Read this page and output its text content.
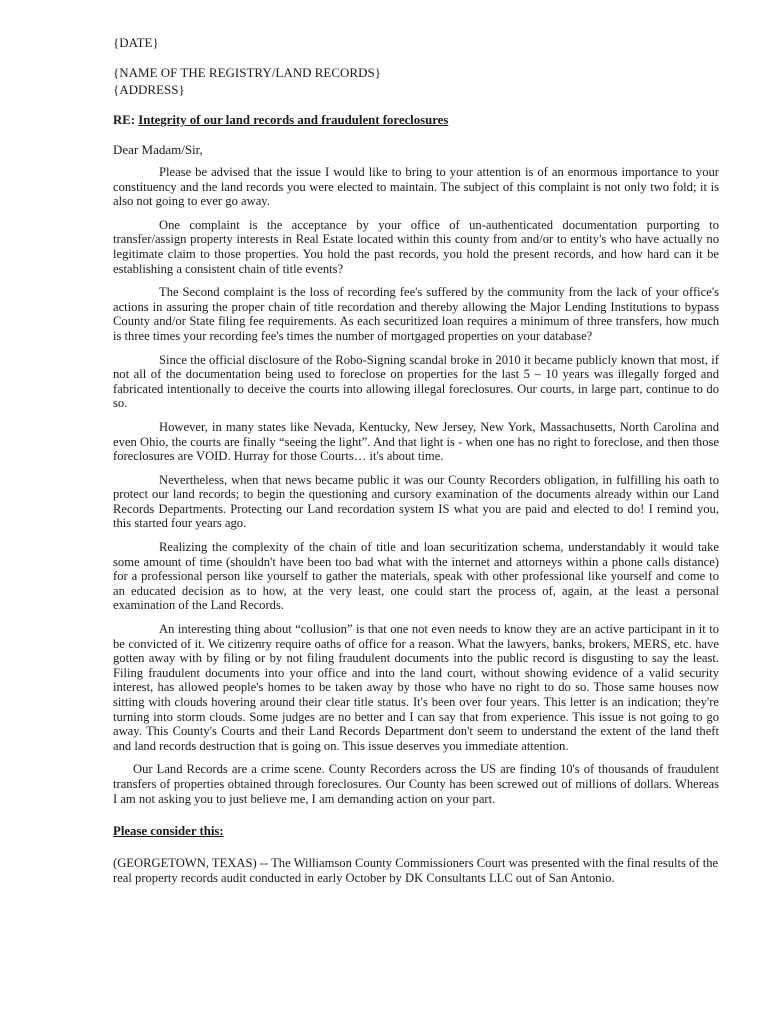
{DATE}

{NAME OF THE REGISTRY/LAND RECORDS}

{ADDRESS}

RE: Integrity of our land records and fraudulent foreclosures

Dear Madam/Sir,

Please be advised that the issue I would like to bring to your attention is of an enormous importance to your constituency and the land records you were elected to maintain. The subject of this complaint is not only two fold; it is also not going to ever go away.

One complaint is the acceptance by your office of un-authenticated documentation purporting to transfer/assign property interests in Real Estate located within this county from and/or to entity's who have actually no legitimate claim to those properties. You hold the past records, you hold the present records, and how hard can it be establishing a consistent chain of title events?

The Second complaint is the loss of recording fee's suffered by the community from the lack of your office's actions in assuring the proper chain of title recordation and thereby allowing the Major Lending Institutions to bypass County and/or State filing fee requirements. As each securitized loan requires a minimum of three transfers, how much is three times your recording fee's times the number of mortgaged properties on your database?

Since the official disclosure of the Robo-Signing scandal broke in 2010 it became publicly known that most, if not all of the documentation being used to foreclose on properties for the last 5 – 10 years was illegally forged and fabricated intentionally to deceive the courts into allowing illegal foreclosures. Our courts, in large part, continue to do so.

However, in many states like Nevada, Kentucky, New Jersey, New York, Massachusetts, North Carolina and even Ohio, the courts are finally “seeing the light”. And that light is - when one has no right to foreclose, and then those foreclosures are VOID. Hurray for those Courts… it's about time.

Nevertheless, when that news became public it was our County Recorders obligation, in fulfilling his oath to protect our land records; to begin the questioning and cursory examination of the documents already within our Land Records Departments. Protecting our Land recordation system IS what you are paid and elected to do! I remind you, this started four years ago.

Realizing the complexity of the chain of title and loan securitization schema, understandably it would take some amount of time (shouldn't have been too bad what with the internet and attorneys within a phone calls distance) for a professional person like yourself to gather the materials, speak with other professional like yourself and come to an educated decision as to how, at the very least, one could start the process of, again, at the least a personal examination of the Land Records.

An interesting thing about “collusion” is that one not even needs to know they are an active participant in it to be convicted of it. We citizenry require oaths of office for a reason. What the lawyers, banks, brokers, MERS, etc. have gotten away with by filing or by not filing fraudulent documents into the public record is disgusting to say the least. Filing fraudulent documents into your office and into the land court, without showing evidence of a valid security interest, has allowed people's homes to be taken away by those who have no right to do so. Those same houses now sitting with clouds hovering around their clear title status. It's been over four years. This letter is an indication; they're turning into storm clouds. Some judges are no better and I can say that from experience. This issue is not going to go away. This County's Courts and their Land Records Department don't seem to understand the extent of the land theft and land records destruction that is going on. This issue deserves you immediate attention.

Our Land Records are a crime scene. County Recorders across the US are finding 10's of thousands of fraudulent transfers of properties obtained through foreclosures. Our County has been screwed out of millions of dollars. Whereas I am not asking you to just believe me, I am demanding action on your part.

Please consider this:

(GEORGETOWN, TEXAS) -- The Williamson County Commissioners Court was presented with the final results of the real property records audit conducted in early October by DK Consultants LLC out of San Antonio.
